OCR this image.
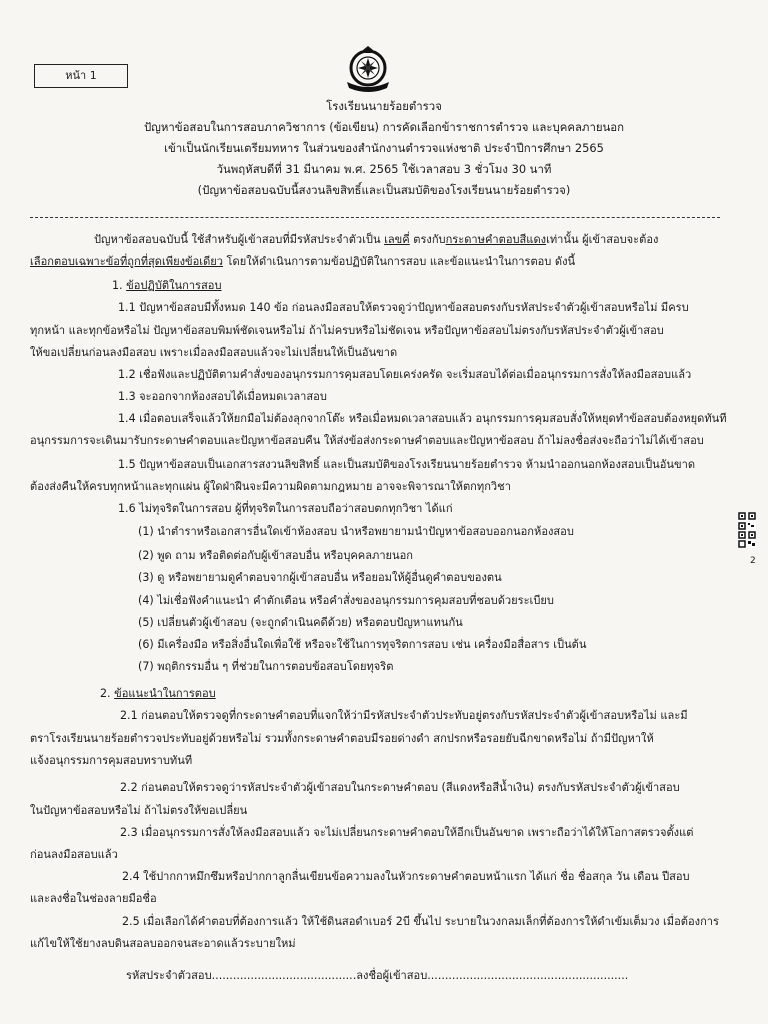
หน้า 1
โรงเรียนนายร้อยตำรวจ
ปัญหาข้อสอบในการสอบภาควิชาการ (ข้อเขียน) การคัดเลือกข้าราชการตำรวจ และบุคคลภายนอก
เข้าเป็นนักเรียนเตรียมทหาร ในส่วนของสำนักงานตำรวจแห่งชาติ ประจำปีการศึกษา 2565
วันพฤหัสบดีที่ 31 มีนาคม พ.ศ. 2565 ใช้เวลาสอบ 3 ชั่วโมง 30 นาที
(ปัญหาข้อสอบฉบับนี้สงวนลิขสิทธิ์และเป็นสมบัติของโรงเรียนนายร้อยตำรวจ)
ปัญหาข้อสอบฉบับนี้ ใช้สำหรับผู้เข้าสอบที่มีรหัสประจำตัวเป็น เลขคี่ ตรงกับกระดาษคำตอบสีแดงเท่านั้น ผู้เข้าสอบจะต้อง
เลือกตอบเฉพาะข้อที่ถูกที่สุดเพียงข้อเดียว โดยให้ดำเนินการตามข้อปฏิบัติในการสอบ และข้อแนะนำในการตอบ ดังนี้
1. ข้อปฏิบัติในการสอบ
1.1 ปัญหาข้อสอบมีทั้งหมด 140 ข้อ ก่อนลงมือสอบให้ตรวจดูว่าปัญหาข้อสอบตรงกับรหัสประจำตัวผู้เข้าสอบหรือไม่ มีครบ
ทุกหน้า และทุกข้อหรือไม่ ปัญหาข้อสอบพิมพ์ชัดเจนหรือไม่ ถ้าไม่ครบหรือไม่ชัดเจน หรือปัญหาข้อสอบไม่ตรงกับรหัสประจำตัวผู้เข้าสอบ
ให้ขอเปลี่ยนก่อนลงมือสอบ เพราะเมื่อลงมือสอบแล้วจะไม่เปลี่ยนให้เป็นอันขาด
1.2 เชื่อฟังและปฏิบัติตามคำสั่งของอนุกรรมการคุมสอบโดยเคร่งครัด จะเริ่มสอบได้ต่อเมื่ออนุกรรมการสั่งให้ลงมือสอบแล้ว
1.3 จะออกจากห้องสอบได้เมื่อหมดเวลาสอบ
1.4 เมื่อตอบเสร็จแล้วให้ยกมือไม่ต้องลุกจากโต๊ะ หรือเมื่อหมดเวลาสอบแล้ว อนุกรรมการคุมสอบสั่งให้หยุดทำข้อสอบต้องหยุดทันที
อนุกรรมการจะเดินมารับกระดาษคำตอบและปัญหาข้อสอบคืน ให้ส่งข้อส่งกระดาษคำตอบและปัญหาข้อสอบ ถ้าไม่ลงชื่อส่งจะถือว่าไม่ได้เข้าสอบ
1.5 ปัญหาข้อสอบเป็นเอกสารสงวนลิขสิทธิ์ และเป็นสมบัติของโรงเรียนนายร้อยตำรวจ ห้ามนำออกนอกห้องสอบเป็นอันขาด
ต้องส่งคืนให้ครบทุกหน้าและทุกแผ่น ผู้ใดฝ่าฝืนจะมีความผิดตามกฎหมาย อาจจะพิจารณาให้ตกทุกวิชา
1.6 ไม่ทุจริตในการสอบ ผู้ที่ทุจริตในการสอบถือว่าสอบตกทุกวิชา ได้แก่
(1) นำตำราหรือเอกสารอื่นใดเข้าห้องสอบ นำหรือพยายามนำปัญหาข้อสอบออกนอกห้องสอบ
(2) พูด ถาม หรือติดต่อกับผู้เข้าสอบอื่น หรือบุคคลภายนอก
(3) ดู หรือพยายามดูคำตอบจากผู้เข้าสอบอื่น หรือยอมให้ผู้อื่นดูคำตอบของตน
(4) ไม่เชื่อฟังคำแนะนำ คำตักเตือน หรือคำสั่งของอนุกรรมการคุมสอบที่ชอบด้วยระเบียบ
(5) เปลี่ยนตัวผู้เข้าสอบ (จะถูกดำเนินคดีด้วย) หรือตอบปัญหาแทนกัน
(6) มีเครื่องมือ หรือสิ่งอื่นใดเพื่อใช้ หรือจะใช้ในการทุจริตการสอบ เช่น เครื่องมือสื่อสาร เป็นต้น
(7) พฤติกรรมอื่น ๆ ที่ช่วยในการตอบข้อสอบโดยทุจริต
2. ข้อแนะนำในการตอบ
2.1 ก่อนตอบให้ตรวจดูที่กระดาษคำตอบที่แจกให้ว่ามีรหัสประจำตัวประทับอยู่ตรงกับรหัสประจำตัวผู้เข้าสอบหรือไม่ และมี
ตราโรงเรียนนายร้อยตำรวจประทับอยู่ด้วยหรือไม่ รวมทั้งกระดาษคำตอบมีรอยด่างดำ สกปรกหรือรอยยับฉีกขาดหรือไม่ ถ้ามีปัญหาให้
แจ้งอนุกรรมการคุมสอบทราบทันที
2.2 ก่อนตอบให้ตรวจดูว่ารหัสประจำตัวผู้เข้าสอบในกระดาษคำตอบ (สีแดงหรือสีน้ำเงิน) ตรงกับรหัสประจำตัวผู้เข้าสอบ
ในปัญหาข้อสอบหรือไม่ ถ้าไม่ตรงให้ขอเปลี่ยน
2.3 เมื่ออนุกรรมการสั่งให้ลงมือสอบแล้ว จะไม่เปลี่ยนกระดาษคำตอบให้อีกเป็นอันขาด เพราะถือว่าได้ให้โอกาสตรวจตั้งแต่
ก่อนลงมือสอบแล้ว
2.4 ใช้ปากกาหมึกซึมหรือปากกาลูกลื่นเขียนข้อความลงในหัวกระดาษคำตอบหน้าแรก ได้แก่ ชื่อ ชื่อสกุล วัน เดือน ปีสอบ
และลงชื่อในช่องลายมือชื่อ
2.5 เมื่อเลือกได้คำตอบที่ต้องการแล้ว ให้ใช้ดินสอดำเบอร์ 2บี ขึ้นไป ระบายในวงกลมเล็กที่ต้องการให้ดำเข้มเต็มวง เมื่อต้องการ
แก้ไขให้ใช้ยางลบดินสอลบออกจนสะอาดแล้วระบายใหม่
รหัสประจำตัวสอบ.........................................ลงชื่อผู้เข้าสอบ.........................................................
2
